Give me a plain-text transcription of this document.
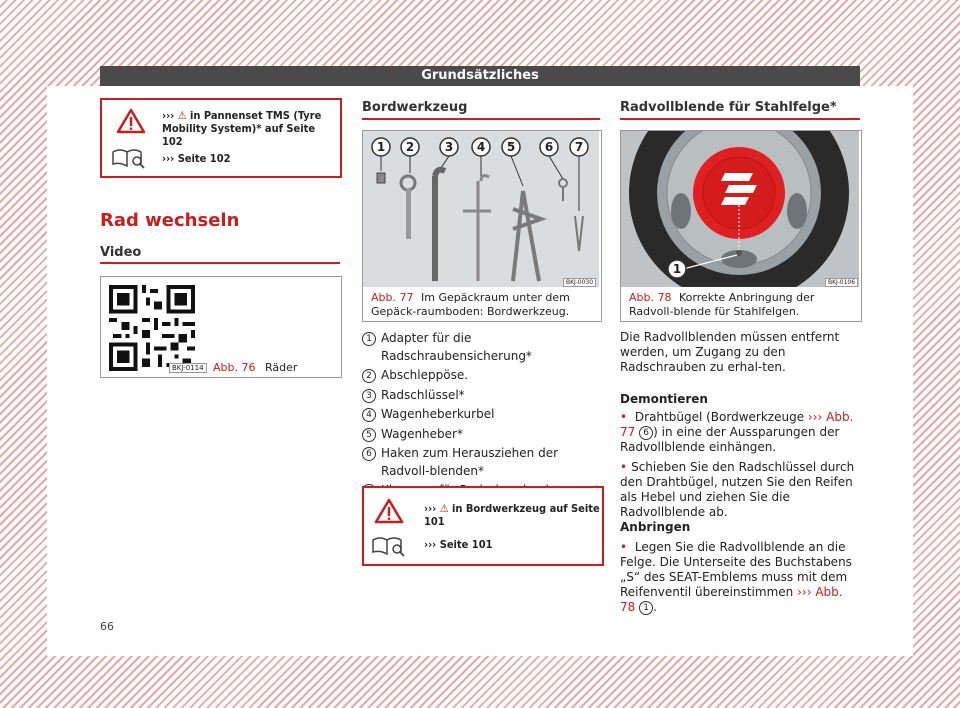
Grundsätzliches
››› ⚠ in Pannenset TMS (Tyre Mobility System)* auf Seite 102
››› Seite 102
Rad wechseln
Video
BKJ-0114 Abb. 76 Räder
Bordwerkzeug
1 2	3 4 5 6 7
BKJ-0030
Abb. 77 Im Gepäckraum unter dem Gepäck-raumboden: Bordwerkzeug.
1 Adapter für die Radschraubensicherung*
2 Abschleppöse.
3 Radschlüssel*
4 Wagenheberkurbel
5 Wagenheber*
6 Haken zum Herausziehen der Radvoll-blenden*
››› ⚠ in Bordwerkzeug auf Seite 101
››› Seite 101
Radvollblende für Stahlfelge*
1
BKJ-0106
Abb. 78 Korrekte Anbringung der Radvoll-blende für Stahlfelgen.
Die Radvollblenden müssen entfernt werden, um Zugang zu den Radschrauben zu erhal-ten.
Demontieren
• Drahtbügel (Bordwerkzeuge ››› Abb. 77 6 ) in eine der Aussparungen der Radvollblende einhängen.
• Schieben Sie den Radschlüssel durch den Drahtbügel, nutzen Sie den Reifen als Hebel und ziehen Sie die Radvollblende ab.
Anbringen
• Legen Sie die Radvollblende an die Felge. Die Unterseite des Buchstabens „S“ des SEAT-Emblems muss mit dem Reifenventil übereinstimmen ››› Abb. 78 1 .
66
